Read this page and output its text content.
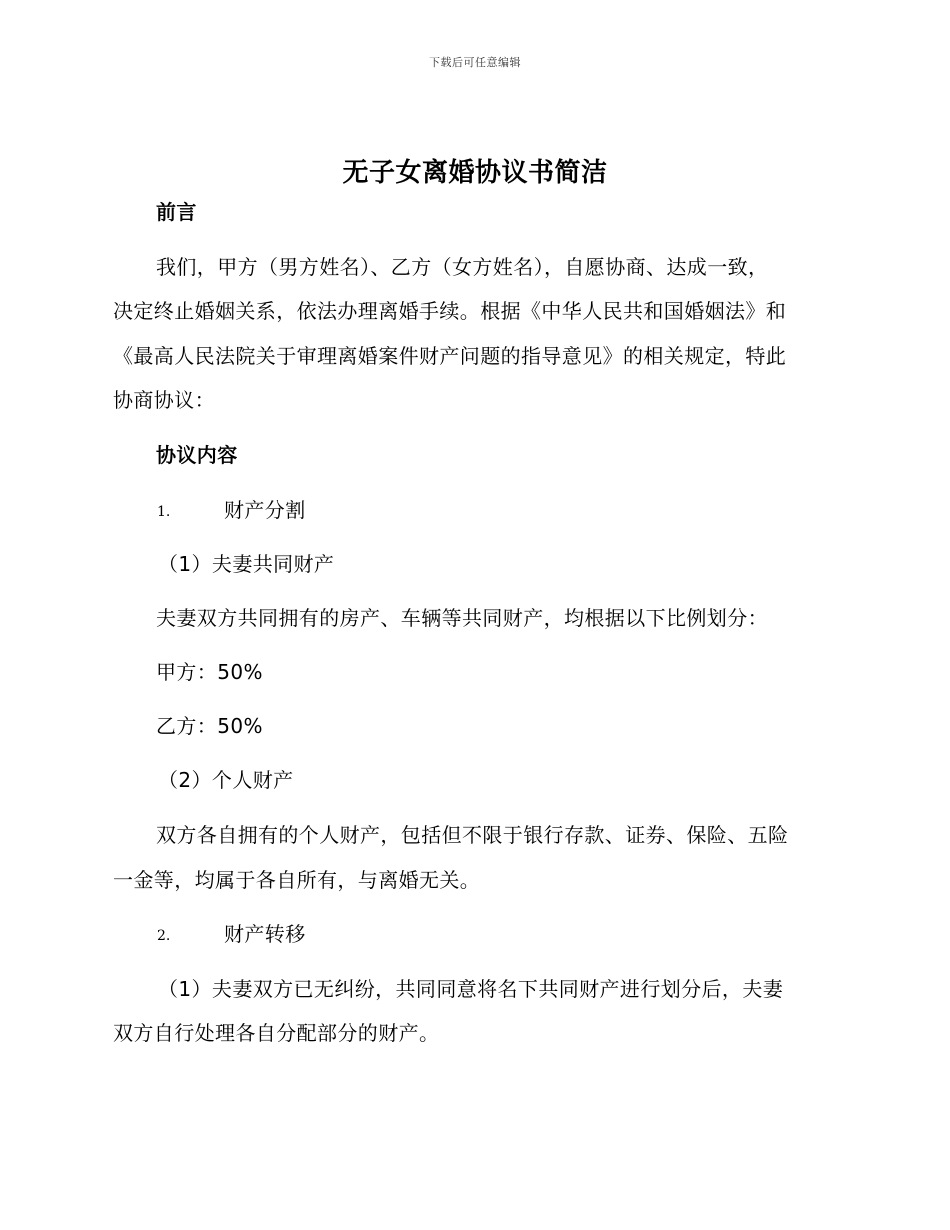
下载后可任意编辑
无子女离婚协议书简洁
前言
我们，甲方（男方姓名）、乙方（女方姓名），自愿协商、达成一致，
决定终止婚姻关系，依法办理离婚手续。根据《中华人民共和国婚姻法》和
《最高人民法院关于审理离婚案件财产问题的指导意见》的相关规定，特此
协商协议：
协议内容
1.	财产分割
（1）夫妻共同财产
夫妻双方共同拥有的房产、车辆等共同财产，均根据以下比例划分：
甲方：50%
乙方：50%
（2）个人财产
双方各自拥有的个人财产，包括但不限于银行存款、证券、保险、五险
一金等，均属于各自所有，与离婚无关。
2.	财产转移
（1）夫妻双方已无纠纷，共同同意将名下共同财产进行划分后，夫妻
双方自行处理各自分配部分的财产。
